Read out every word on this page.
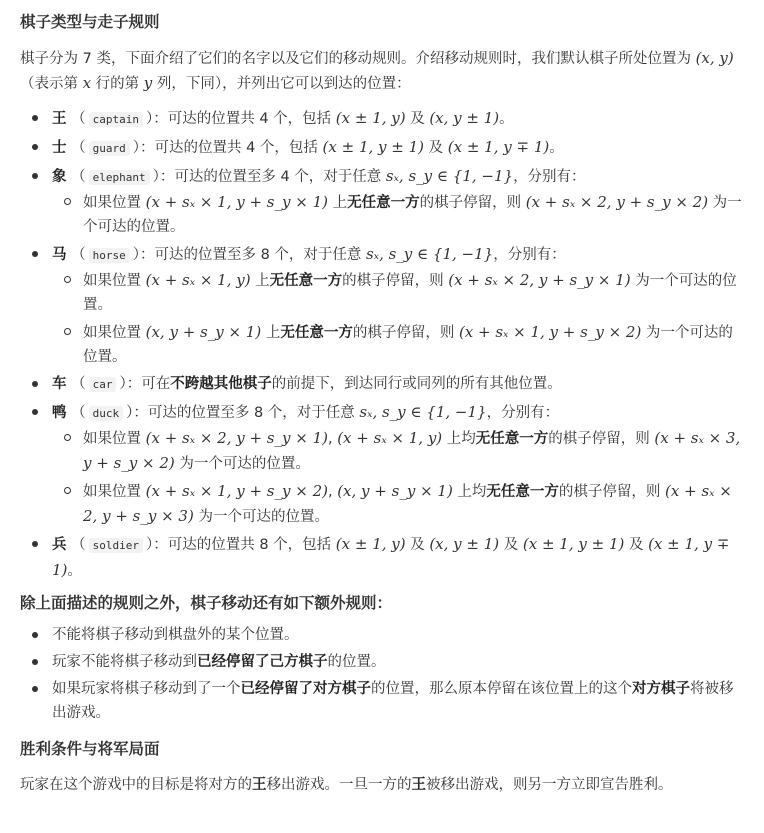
棋子类型与走子规则

棋子分为 7 类，下面介绍了它们的名字以及它们的移动规则。介绍移动规则时，我们默认棋子所处位置为 (x, y)（表示第 x 行的第 y 列，下同），并列出它可以到达的位置：

王 （ captain ）：可达的位置共 4 个，包括 (x ± 1, y) 及 (x, y ± 1)。
士 （ guard ）：可达的位置共 4 个，包括 (x ± 1, y ± 1) 及 (x ± 1, y ∓ 1)。
象 （ elephant ）：可达的位置至多 4 个，对于任意 sₓ, s_y ∈ {1, −1}，分别有：
如果位置 (x + sₓ × 1, y + s_y × 1) 上无任意一方的棋子停留，则 (x + sₓ × 2, y + s_y × 2) 为一个可达的位置。
马 （ horse ）：可达的位置至多 8 个，对于任意 sₓ, s_y ∈ {1, −1}，分别有：
如果位置 (x + sₓ × 1, y) 上无任意一方的棋子停留，则 (x + sₓ × 2, y + s_y × 1) 为一个可达的位置。
如果位置 (x, y + s_y × 1) 上无任意一方的棋子停留，则 (x + sₓ × 1, y + s_y × 2) 为一个可达的位置。
车 （ car ）：可在不跨越其他棋子的前提下，到达同行或同列的所有其他位置。
鸭 （ duck ）：可达的位置至多 8 个，对于任意 sₓ, s_y ∈ {1, −1}，分别有：
如果位置 (x + sₓ × 2, y + s_y × 1), (x + sₓ × 1, y) 上均无任意一方的棋子停留，则 (x + sₓ × 3, y + s_y × 2) 为一个可达的位置。
如果位置 (x + sₓ × 1, y + s_y × 2), (x, y + s_y × 1) 上均无任意一方的棋子停留，则 (x + sₓ × 2, y + s_y × 3) 为一个可达的位置。
兵 （ soldier ）：可达的位置共 8 个，包括 (x ± 1, y) 及 (x, y ± 1) 及 (x ± 1, y ± 1) 及 (x ± 1, y ∓ 1)。
除上面描述的规则之外，棋子移动还有如下额外规则：
不能将棋子移动到棋盘外的某个位置。
玩家不能将棋子移动到已经停留了己方棋子的位置。
如果玩家将棋子移动到了一个已经停留了对方棋子的位置，那么原本停留在该位置上的这个对方棋子将被移出游戏。
胜利条件与将军局面

玩家在这个游戏中的目标是将对方的王移出游戏。一旦一方的王被移出游戏，则另一方立即宣告胜利。
